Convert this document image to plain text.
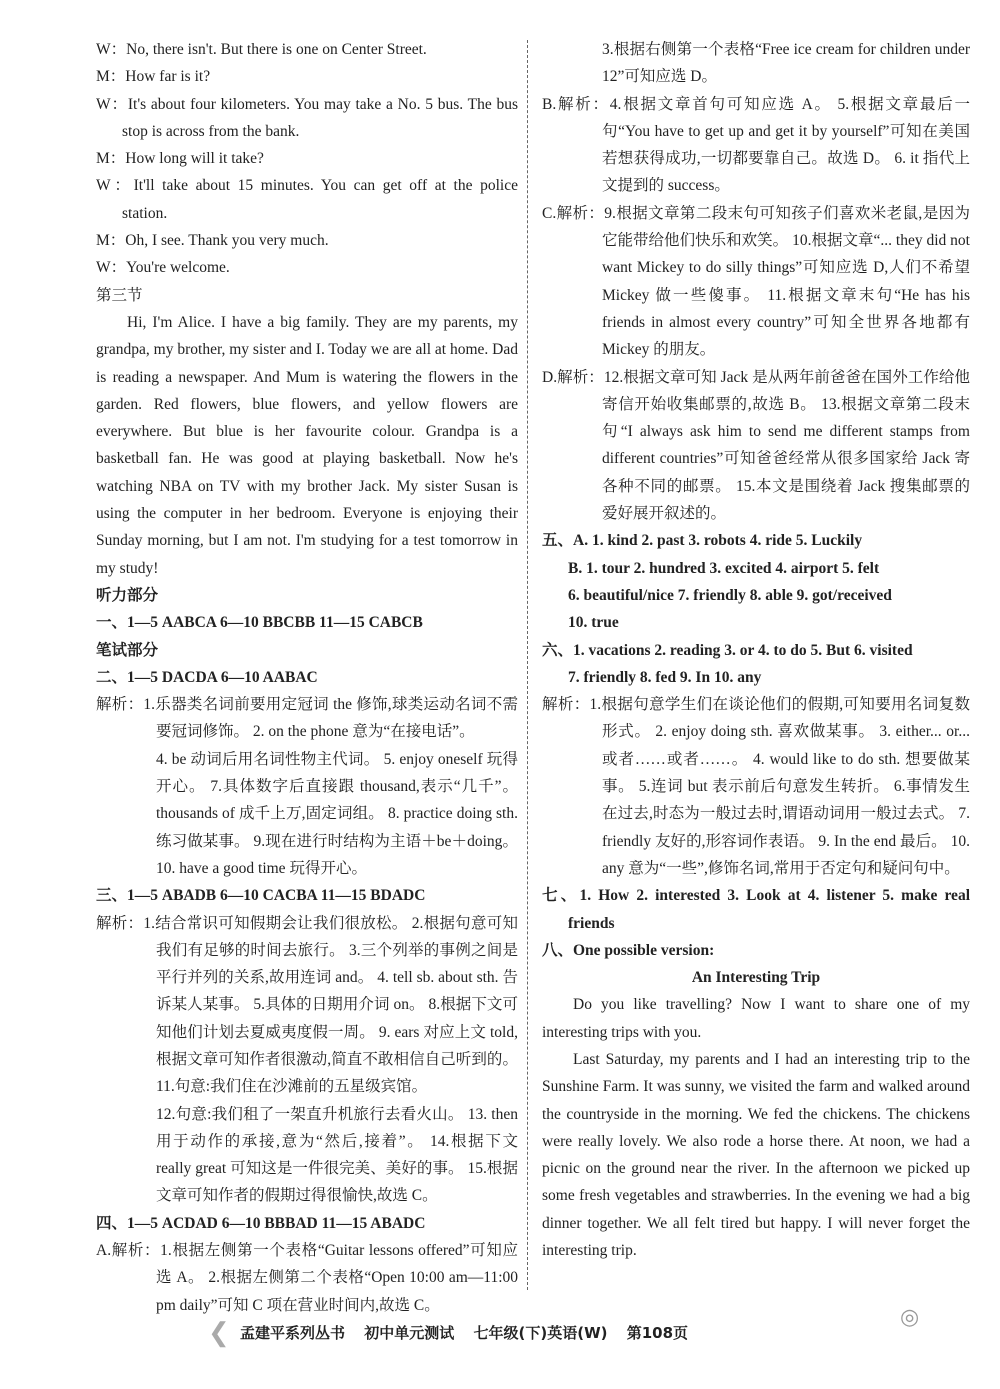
W：No, there isn't. But there is one on Center Street.

M：How far is it?

W：It's about four kilometers. You may take a No. 5 bus. The bus stop is across from the bank.

M：How long will it take?

W：It'll take about 15 minutes. You can get off at the police station.

M：Oh, I see. Thank you very much.

W：You're welcome.

第三节

Hi, I'm Alice. I have a big family. They are my parents, my grandpa, my brother, my sister and I. Today we are all at home. Dad is reading a newspaper. And Mum is watering the flowers in the garden. Red flowers, blue flowers, and yellow flowers are everywhere. But blue is her favourite colour. Grandpa is a basketball fan. He was good at playing basketball. Now he's watching NBA on TV with my brother Jack. My sister Susan is using the computer in her bedroom. Everyone is enjoying their Sunday morning, but I am not. I'm studying for a test tomorrow in my study!

听力部分

一、1—5 AABCA 6—10 BBCBB 11—15 CABCB

笔试部分

二、1—5 DACDA 6—10 AABAC

解析：1.乐器类名词前要用定冠词 the 修饰,球类运动名词不需要冠词修饰。 2. on the phone 意为“在接电话”。

4. be 动词后用名词性物主代词。 5. enjoy oneself 玩得开心。 7.具体数字后直接跟 thousand,表示“几千”。thousands of 成千上万,固定词组。 8. practice doing sth. 练习做某事。 9.现在进行时结构为主语＋be＋doing。 10. have a good time 玩得开心。

三、1—5 ABADB 6—10 CACBA 11—15 BDADC

解析：1.结合常识可知假期会让我们很放松。 2.根据句意可知我们有足够的时间去旅行。 3.三个列举的事例之间是平行并列的关系,故用连词 and。 4. tell sb. about sth. 告诉某人某事。 5.具体的日期用介词 on。 8.根据下文可知他们计划去夏威夷度假一周。 9. ears 对应上文 told,根据文章可知作者很激动,简直不敢相信自己听到的。 11.句意:我们住在沙滩前的五星级宾馆。

12.句意:我们租了一架直升机旅行去看火山。 13. then 用于动作的承接,意为“然后,接着”。 14.根据下文 really great 可知这是一件很完美、美好的事。 15.根据文章可知作者的假期过得很愉快,故选 C。

四、1—5 ACDAD 6—10 BBBAD 11—15 ABADC

A.解析：1.根据左侧第一个表格“Guitar lessons offered”可知应选 A。 2.根据左侧第二个表格“Open 10:00 am—11:00 pm daily”可知 C 项在营业时间内,故选 C。

3.根据右侧第一个表格“Free ice cream for children under 12”可知应选 D。

B.解析：4.根据文章首句可知应选 A。 5.根据文章最后一句“You have to get up and get it by yourself”可知在美国若想获得成功,一切都要靠自己。故选 D。 6. it 指代上文提到的 success。

C.解析：9.根据文章第二段末句可知孩子们喜欢米老鼠,是因为它能带给他们快乐和欢笑。 10.根据文章“... they did not want Mickey to do silly things”可知应选 D,人们不希望 Mickey 做一些傻事。 11.根据文章末句“He has his friends in almost every country”可知全世界各地都有 Mickey 的朋友。

D.解析：12.根据文章可知 Jack 是从两年前爸爸在国外工作给他寄信开始收集邮票的,故选 B。 13.根据文章第二段末句“I always ask him to send me different stamps from different countries”可知爸爸经常从很多国家给 Jack 寄各种不同的邮票。 15.本文是围绕着 Jack 搜集邮票的爱好展开叙述的。

五、A. 1. kind 2. past 3. robots 4. ride 5. Luckily

B. 1. tour 2. hundred 3. excited 4. airport 5. felt

6. beautiful/nice 7. friendly 8. able 9. got/received

10. true

六、1. vacations 2. reading 3. or 4. to do 5. But 6. visited

7. friendly 8. fed 9. In 10. any

解析：1.根据句意学生们在谈论他们的假期,可知要用名词复数形式。 2. enjoy doing sth. 喜欢做某事。 3. either... or... 或者……或者……。 4. would like to do sth. 想要做某事。 5.连词 but 表示前后句意发生转折。 6.事情发生在过去,时态为一般过去时,谓语动词用一般过去式。 7. friendly 友好的,形容词作表语。 9. In the end 最后。 10. any 意为“一些”,修饰名词,常用于否定句和疑问句中。

七、1. How 2. interested 3. Look at 4. listener 5. make real friends

八、One possible version:

An Interesting Trip

Do you like travelling? Now I want to share one of my interesting trips with you.

Last Saturday, my parents and I had an interesting trip to the Sunshine Farm. It was sunny, we visited the farm and walked around the countryside in the morning. We fed the chickens. The chickens were really lovely. We also rode a horse there. At noon, we had a picnic on the ground near the river. In the afternoon we picked up some fresh vegetables and strawberries. In the evening we had a big dinner together. We all felt tired but happy. I will never forget the interesting trip.

❮ 孟建平系列丛书 初中单元测试 七年级(下)英语(W) 第108页
◎
